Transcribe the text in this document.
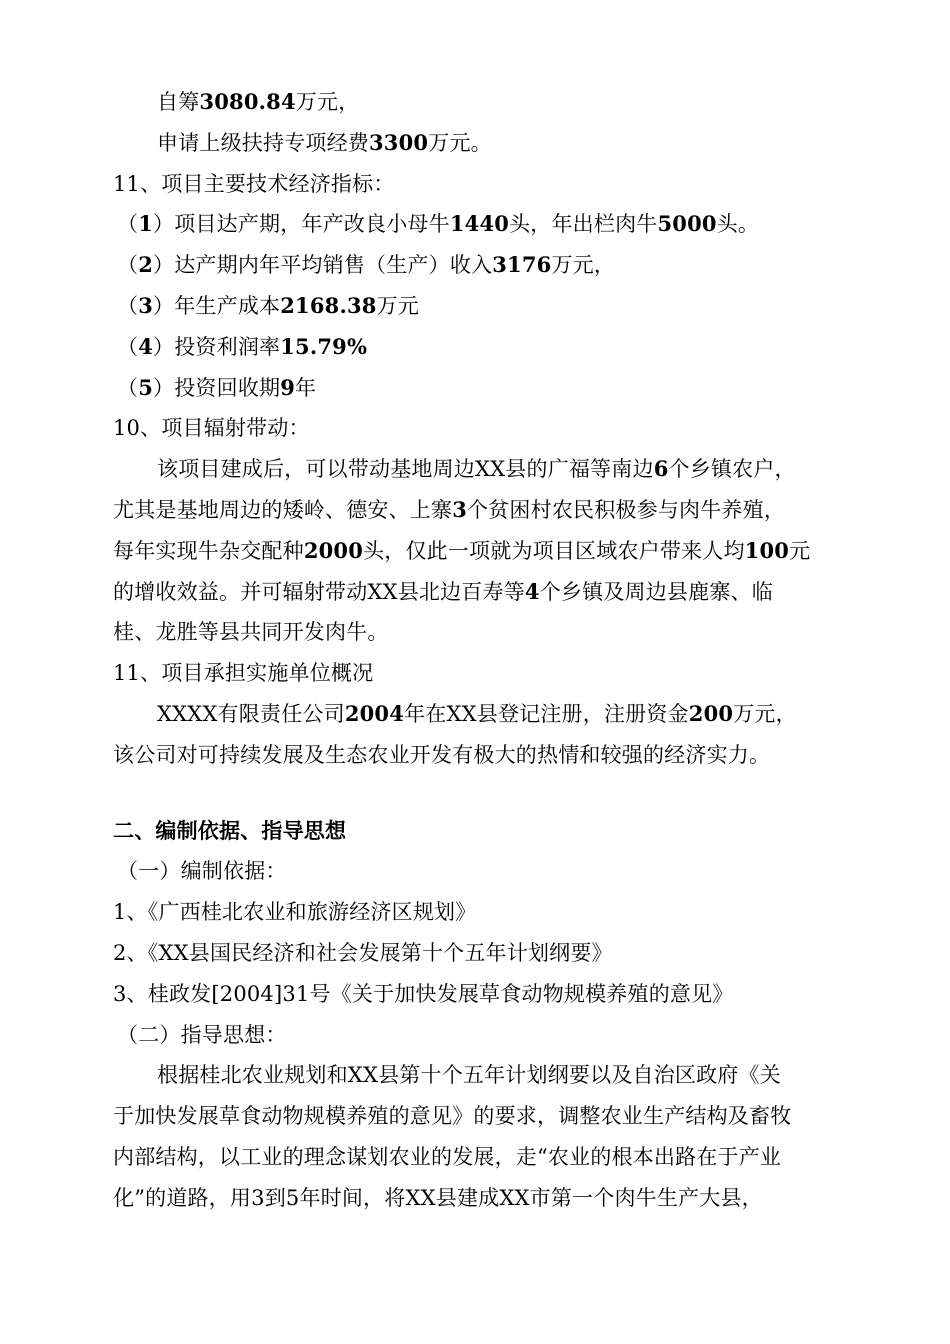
自筹3080.84万元，
申请上级扶持专项经费3300万元。
11、项目主要技术经济指标：
（1）项目达产期，年产改良小母牛1440头，年出栏肉牛5000头。
（2）达产期内年平均销售（生产）收入3176万元，
（3）年生产成本2168.38万元
（4）投资利润率15.79%
（5）投资回收期9年
10、项目辐射带动：
该项目建成后，可以带动基地周边XX县的广福等南边6个乡镇农户，
尤其是基地周边的矮岭、德安、上寨3个贫困村农民积极参与肉牛养殖，
每年实现牛杂交配种2000头，仅此一项就为项目区域农户带来人均100元
的增收效益。并可辐射带动XX县北边百寿等4个乡镇及周边县鹿寨、临
桂、龙胜等县共同开发肉牛。
11、项目承担实施单位概况
XXXX有限责任公司2004年在XX县登记注册，注册资金200万元，
该公司对可持续发展及生态农业开发有极大的热情和较强的经济实力。
二、编制依据、指导思想
（一）编制依据：
1、《广西桂北农业和旅游经济区规划》
2、《XX县国民经济和社会发展第十个五年计划纲要》
3、桂政发[2004]31号《关于加快发展草食动物规模养殖的意见》
（二）指导思想：
根据桂北农业规划和XX县第十个五年计划纲要以及自治区政府《关
于加快发展草食动物规模养殖的意见》的要求，调整农业生产结构及畜牧
内部结构，以工业的理念谋划农业的发展，走“农业的根本出路在于产业
化”的道路，用3到5年时间，将XX县建成XX市第一个肉牛生产大县，
